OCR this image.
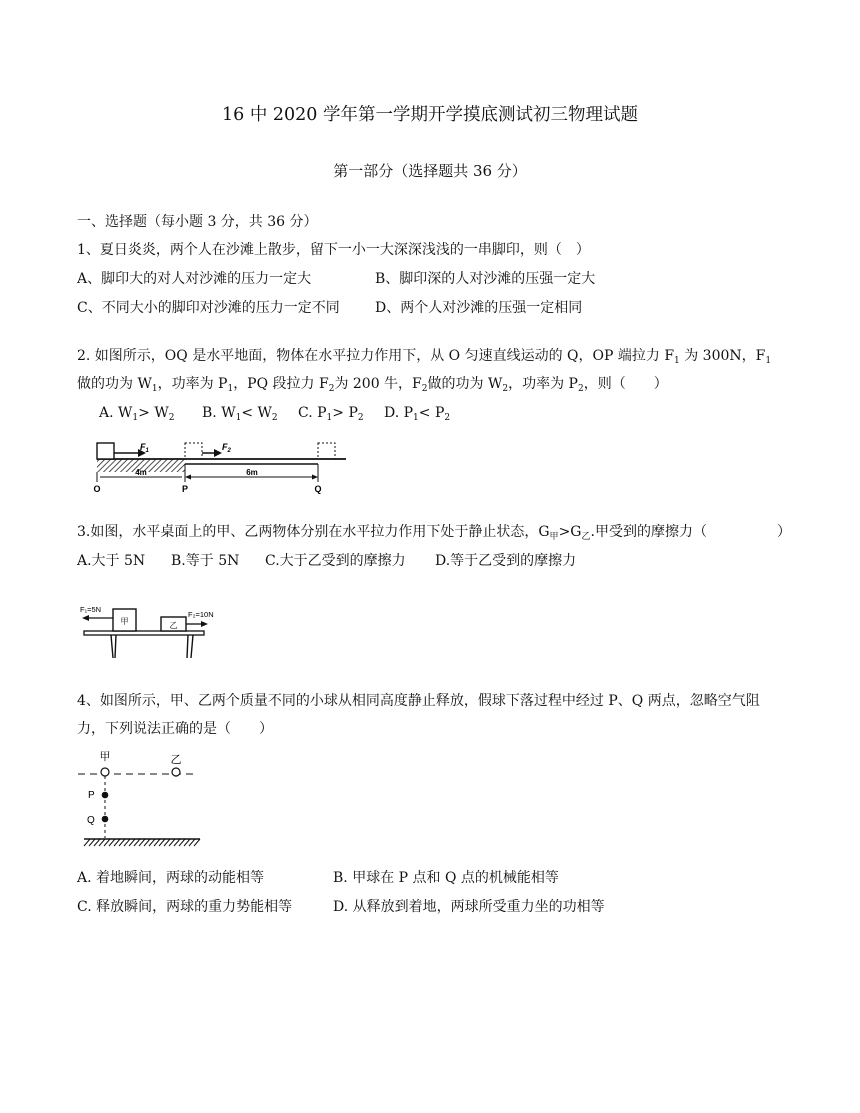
16 中 2020 学年第一学期开学摸底测试初三物理试题
第一部分（选择题共 36 分）
一、选择题（每小题 3 分，共 36 分）
1、夏日炎炎，两个人在沙滩上散步，留下一小一大深深浅浅的一串脚印，则（　）
A、脚印大的对人对沙滩的压力一定大	B、脚印深的人对沙滩的压强一定大
C、不同大小的脚印对沙滩的压力一定不同	D、两个人对沙滩的压强一定相同
2. 如图所示，OQ 是水平地面，物体在水平拉力作用下，从 O 匀速直线运动的 Q，OP 端拉力 $F_1$ 为 300N，$F_1$
做的功为 $W_1$，功率为 $P_1$，PQ 段拉力 $F_2$为 200 牛，$F_2$做的功为 $W_2$，功率为 $P_2$，则（　　）
A. $W_1> W_2$ B. $W_1< W_2$ C. $P_1> P_2$ D. $P_1< P_2$
$F_1$	$F_2$
4m	6m
O	P	Q
3.如图，水平桌面上的甲、乙两物体分别在水平拉力作用下处于静止状态，$G_甲>G_乙$.甲受到的摩擦力（	）
A.大于 5N B.等于 5N C.大于乙受到的摩擦力 D.等于乙受到的摩擦力
甲	乙
F₁=5N
F₂=10N
4、如图所示，甲、乙两个质量不同的小球从相同高度静止释放，假球下落过程中经过 P、Q 两点，忽略空气阻
力，下列说法正确的是（　　）
甲	乙
P
Q
A. 着地瞬间，两球的动能相等	B. 甲球在 P 点和 Q 点的机械能相等
C. 释放瞬间，两球的重力势能相等	D. 从释放到着地，两球所受重力坐的功相等
